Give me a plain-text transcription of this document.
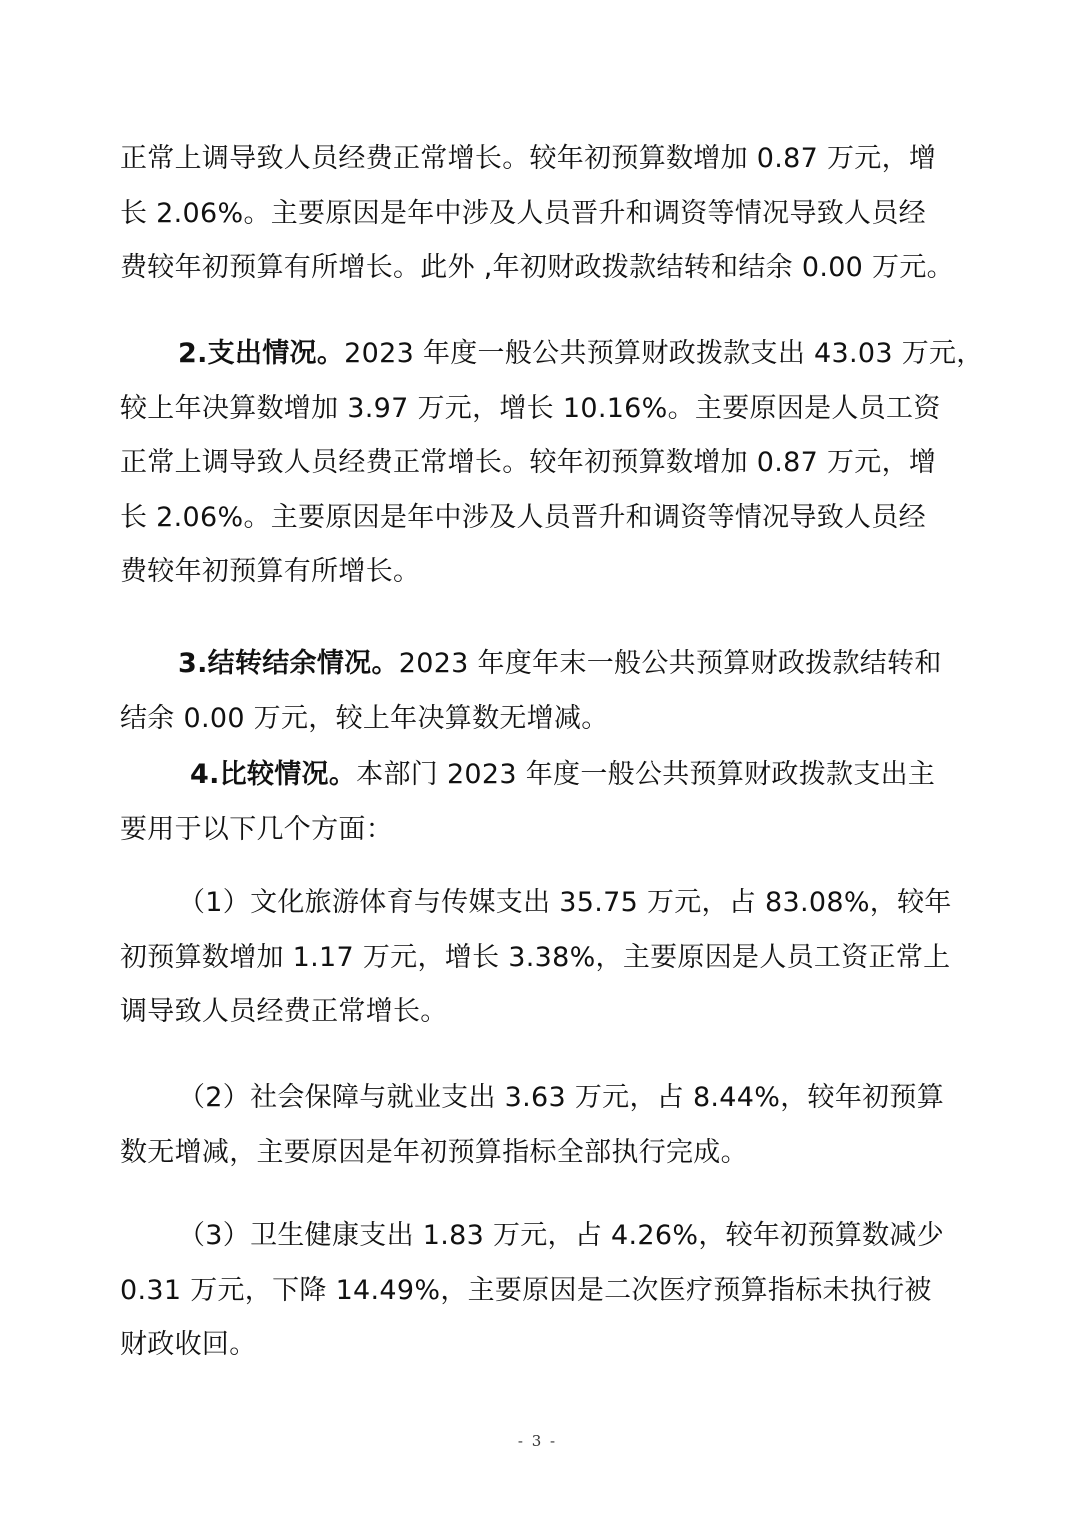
正常上调导致人员经费正常增长。较年初预算数增加 0.87 万元，增
长 2.06%。主要原因是年中涉及人员晋升和调资等情况导致人员经
费较年初预算有所增长。此外 ,年初财政拨款结转和结余 0.00 万元。
2.支出情况。2023 年度一般公共预算财政拨款支出 43.03 万元，
较上年决算数增加 3.97 万元，增长 10.16%。主要原因是人员工资
正常上调导致人员经费正常增长。较年初预算数增加 0.87 万元，增
长 2.06%。主要原因是年中涉及人员晋升和调资等情况导致人员经
费较年初预算有所增长。
3.结转结余情况。2023 年度年末一般公共预算财政拨款结转和
结余 0.00 万元，较上年决算数无增减。
4.比较情况。本部门 2023 年度一般公共预算财政拨款支出主
要用于以下几个方面：
（1）文化旅游体育与传媒支出 35.75 万元，占 83.08%，较年
初预算数增加 1.17 万元，增长 3.38%，主要原因是人员工资正常上
调导致人员经费正常增长。
（2）社会保障与就业支出 3.63 万元，占 8.44%，较年初预算
数无增减，主要原因是年初预算指标全部执行完成。
（3）卫生健康支出 1.83 万元，占 4.26%，较年初预算数减少
0.31 万元，下降 14.49%，主要原因是二次医疗预算指标未执行被
财政收回。
- 3 -
